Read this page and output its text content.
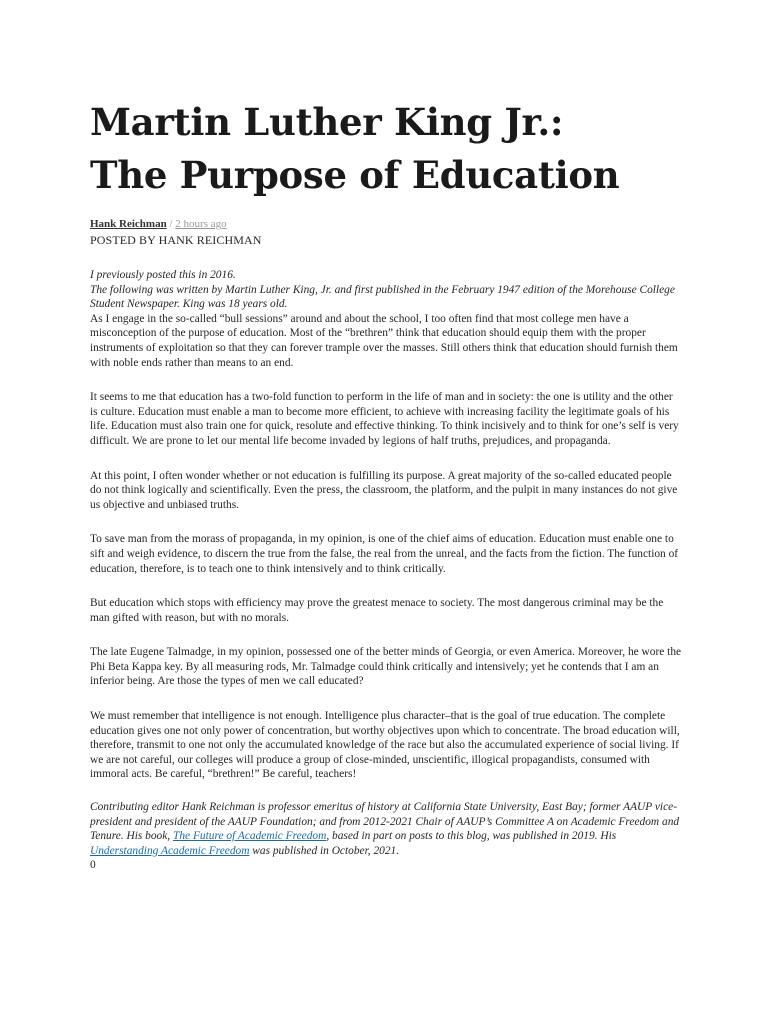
Martin Luther King Jr.:
The Purpose of Education
Hank Reichman / 2 hours ago
POSTED BY HANK REICHMAN

I previously posted this in 2016.

The following was written by Martin Luther King, Jr. and first published in the February 1947 edition of the Morehouse College Student Newspaper. King was 18 years old.

As I engage in the so-called “bull sessions” around and about the school, I too often find that most college men have a misconception of the purpose of education. Most of the “brethren” think that education should equip them with the proper instruments of exploitation so that they can forever trample over the masses. Still others think that education should furnish them with noble ends rather than means to an end.

It seems to me that education has a two-fold function to perform in the life of man and in society: the one is utility and the other is culture. Education must enable a man to become more efficient, to achieve with increasing facility the legitimate goals of his life. Education must also train one for quick, resolute and effective thinking. To think incisively and to think for one’s self is very difficult. We are prone to let our mental life become invaded by legions of half truths, prejudices, and propaganda.

At this point, I often wonder whether or not education is fulfilling its purpose. A great majority of the so-called educated people do not think logically and scientifically. Even the press, the classroom, the platform, and the pulpit in many instances do not give us objective and unbiased truths.

To save man from the morass of propaganda, in my opinion, is one of the chief aims of education. Education must enable one to sift and weigh evidence, to discern the true from the false, the real from the unreal, and the facts from the fiction. The function of education, therefore, is to teach one to think intensively and to think critically.

But education which stops with efficiency may prove the greatest menace to society. The most dangerous criminal may be the man gifted with reason, but with no morals.

The late Eugene Talmadge, in my opinion, possessed one of the better minds of Georgia, or even America. Moreover, he wore the Phi Beta Kappa key. By all measuring rods, Mr. Talmadge could think critically and intensively; yet he contends that I am an inferior being. Are those the types of men we call educated?

We must remember that intelligence is not enough. Intelligence plus character–that is the goal of true education. The complete education gives one not only power of concentration, but worthy objectives upon which to concentrate. The broad education will, therefore, transmit to one not only the accumulated knowledge of the race but also the accumulated experience of social living. If we are not careful, our colleges will produce a group of close-minded, unscientific, illogical propagandists, consumed with immoral acts. Be careful, “brethren!” Be careful, teachers!

Contributing editor Hank Reichman is professor emeritus of history at California State University, East Bay; former AAUP vice-president and president of the AAUP Foundation; and from 2012-2021 Chair of AAUP’s Committee A on Academic Freedom and Tenure. His book, The Future of Academic Freedom, based in part on posts to this blog, was published in 2019. His Understanding Academic Freedom was published in October, 2021.

0
